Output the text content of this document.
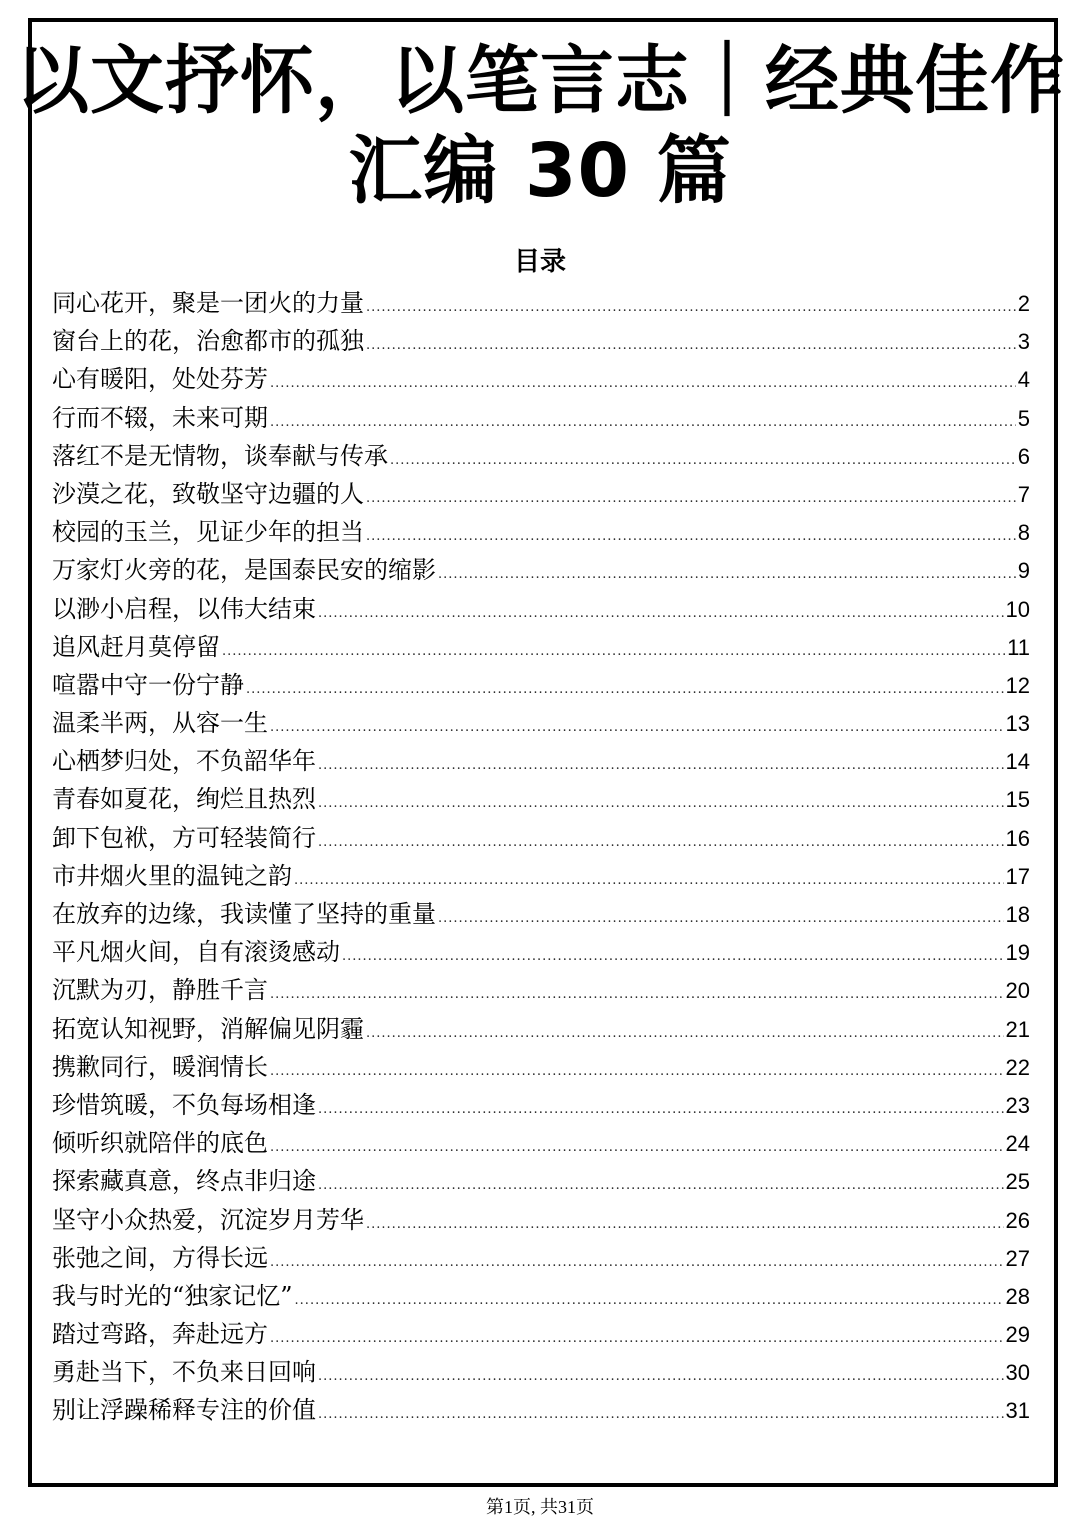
以文抒怀，以笔言志｜经典佳作
汇编 30 篇
目录
同心花开，聚是一团火的力量 .....	2
窗台上的花，治愈都市的孤独 .....	3
心有暖阳，处处芬芳 .....	4
行而不辍，未来可期 .....	5
落红不是无情物，谈奉献与传承 .....	6
沙漠之花，致敬坚守边疆的人 .....	7
校园的玉兰，见证少年的担当 .....	8
万家灯火旁的花，是国泰民安的缩影 .....	9
以渺小启程，以伟大结束 .....	10
追风赶月莫停留 .....	11
喧嚣中守一份宁静 .....	12
温柔半两，从容一生 .....	13
心栖梦归处，不负韶华年 .....	14
青春如夏花，绚烂且热烈 .....	15
卸下包袱，方可轻装简行 .....	16
市井烟火里的温钝之韵 .....	17
在放弃的边缘，我读懂了坚持的重量 .....	18
平凡烟火间，自有滚烫感动 .....	19
沉默为刃，静胜千言 .....	20
拓宽认知视野，消解偏见阴霾 .....	21
携歉同行，暖润情长 .....	22
珍惜筑暖，不负每场相逢 .....	23
倾听织就陪伴的底色 .....	24
探索藏真意，终点非归途 .....	25
坚守小众热爱，沉淀岁月芳华 .....	26
张弛之间，方得长远 .....	27
我与时光的“独家记忆” .....	28
踏过弯路，奔赴远方 .....	29
勇赴当下，不负来日回响 .....	30
别让浮躁稀释专注的价值 .....	31
第1页, 共31页
